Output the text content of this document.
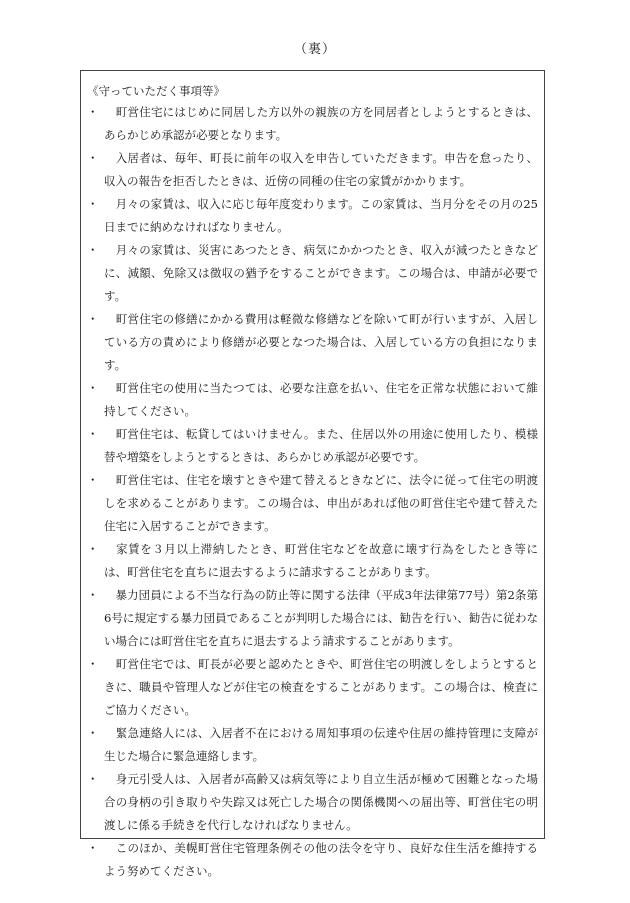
（裏）
《守っていただく事項等》
・ 　町営住宅にはじめに同居した方以外の親族の方を同居者としようとするときは、あらかじめ承認が必要となります。
・ 　入居者は、毎年、町長に前年の収入を申告していただきます。申告を怠ったり、収入の報告を拒否したときは、近傍の同種の住宅の家賃がかかります。
・ 　月々の家賃は、収入に応じ毎年度変わります。この家賃は、当月分をその月の25日までに納めなければなりません。
・ 　月々の家賃は、災害にあつたとき、病気にかかつたとき、収入が減つたときなどに、減額、免除又は徴収の猶予をすることができます。この場合は、申請が必要です。
・ 　町営住宅の修繕にかかる費用は軽微な修繕などを除いて町が行いますが、入居している方の責めにより修繕が必要となつた場合は、入居している方の負担になります。
・ 　町営住宅の使用に当たつては、必要な注意を払い、住宅を正常な状態において維持してください。
・ 　町営住宅は、転貸してはいけません。また、住居以外の用途に使用したり、模様替や増築をしようとするときは、あらかじめ承認が必要です。
・ 　町営住宅は、住宅を壊すときや建て替えるときなどに、法令に従って住宅の明渡しを求めることがあります。この場合は、申出があれば他の町営住宅や建て替えた住宅に入居することができます。
・ 　家賃を３月以上滞納したとき、町営住宅などを故意に壊す行為をしたとき等には、町営住宅を直ちに退去するように請求することがあります。
・ 　暴力団員による不当な行為の防止等に関する法律（平成3年法律第77号）第2条第6号に規定する暴力団員であることが判明した場合には、勧告を行い、勧告に従わない場合には町営住宅を直ちに退去するよう請求することがあります。
・ 　町営住宅では、町長が必要と認めたときや、町営住宅の明渡しをしようとするときに、職員や管理人などが住宅の検査をすることがあります。この場合は、検査にご協力ください。
・ 　緊急連絡人には、入居者不在における周知事項の伝達や住居の維持管理に支障が生じた場合に緊急連絡します。
・ 　身元引受人は、入居者が高齢又は病気等により自立生活が極めて困難となった場合の身柄の引き取りや失踪又は死亡した場合の関係機関への届出等、町営住宅の明渡しに係る手続きを代行しなければなりません。
・ 　このほか、美幌町営住宅管理条例その他の法令を守り、良好な住生活を維持するよう努めてください。
